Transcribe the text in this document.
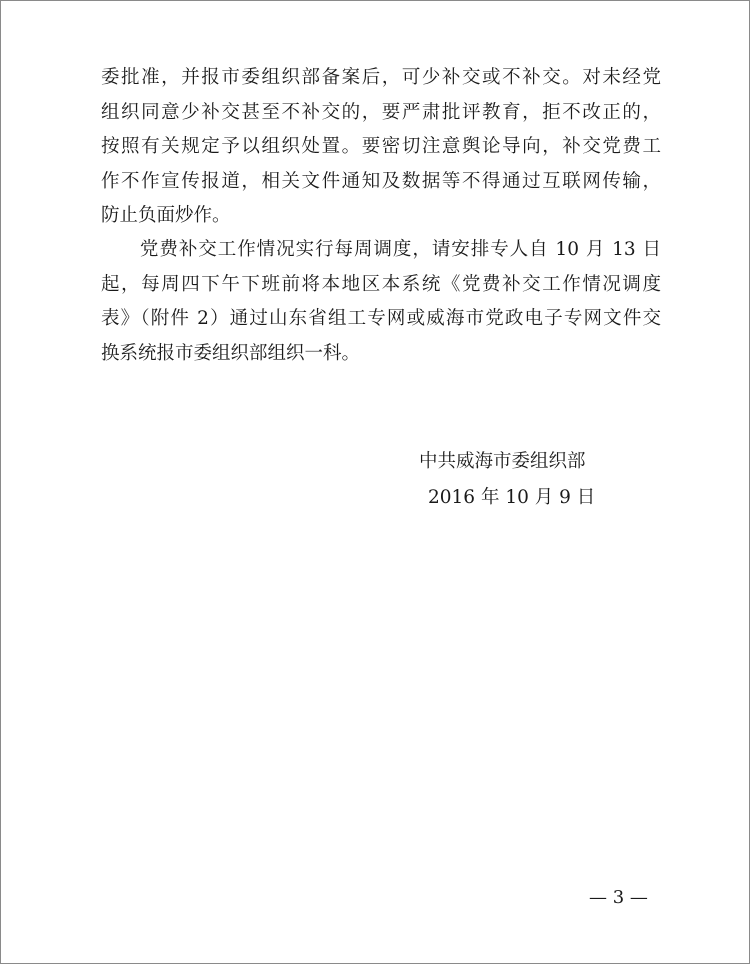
委批准，并报市委组织部备案后，可少补交或不补交。对未经党
组织同意少补交甚至不补交的，要严肃批评教育，拒不改正的，
按照有关规定予以组织处置。要密切注意舆论导向，补交党费工
作不作宣传报道，相关文件通知及数据等不得通过互联网传输，
防止负面炒作。
　　党费补交工作情况实行每周调度，请安排专人自 10 月 13 日
起，每周四下午下班前将本地区本系统《党费补交工作情况调度
表》（附件 2）通过山东省组工专网或威海市党政电子专网文件交
换系统报市委组织部组织一科。
中共威海市委组织部
2016 年 10 月 9 日
— 3 —
